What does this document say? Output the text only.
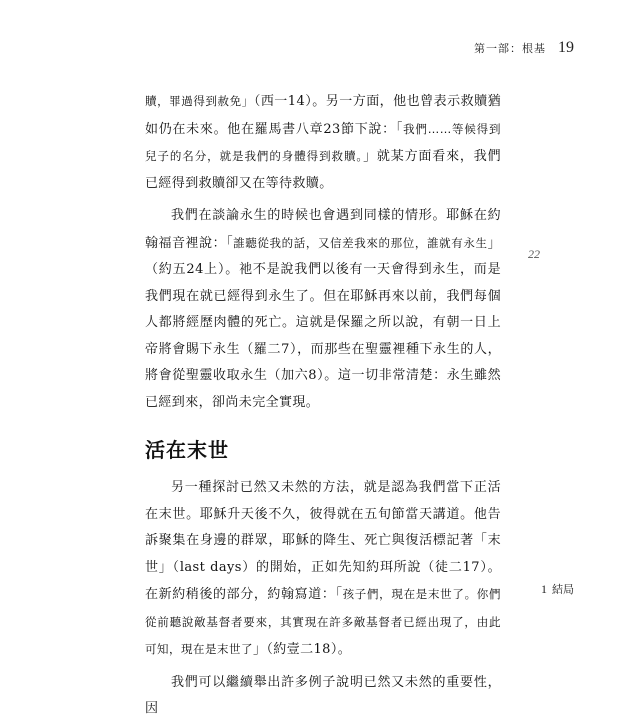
第一部：根基 19
22

贖，罪過得到赦免」（西一14）。另一方面，他也曾表示救贖猶如仍在未來。他在羅馬書八章23節下說：「我們……等候得到兒子的名分，就是我們的身體得到救贖。」就某方面看來，我們已經得到救贖卻又在等待救贖。

我們在談論永生的時候也會遇到同樣的情形。耶穌在約翰福音裡說：「誰聽從我的話，又信差我來的那位，誰就有永生」（約五24上）。祂不是說我們以後有一天會得到永生，而是我們現在就已經得到永生了。但在耶穌再來以前，我們每個人都將經歷肉體的死亡。這就是保羅之所以說，有朝一日上帝將會賜下永生（羅二7），而那些在聖靈裡種下永生的人，將會從聖靈收取永生（加六8）。這一切非常清楚：永生雖然已經到來，卻尚未完全實現。

活在末世

另一種探討已然又未然的方法，就是認為我們當下正活在末世。耶穌升天後不久，彼得就在五旬節當天講道。他告訴聚集在身邊的群眾，耶穌的降生、死亡與復活標記著「末世」（last days）的開始，正如先知約珥所說（徒二17）。在新約稍後的部分，約翰寫道：「孩子們，現在是末世了。你們從前聽說敵基督者要來，其實現在許多敵基督者已經出現了，由此可知，現在是末世了」（約壹二18）。

我們可以繼續舉出許多例子說明已然又未然的重要性，因

1 結局
